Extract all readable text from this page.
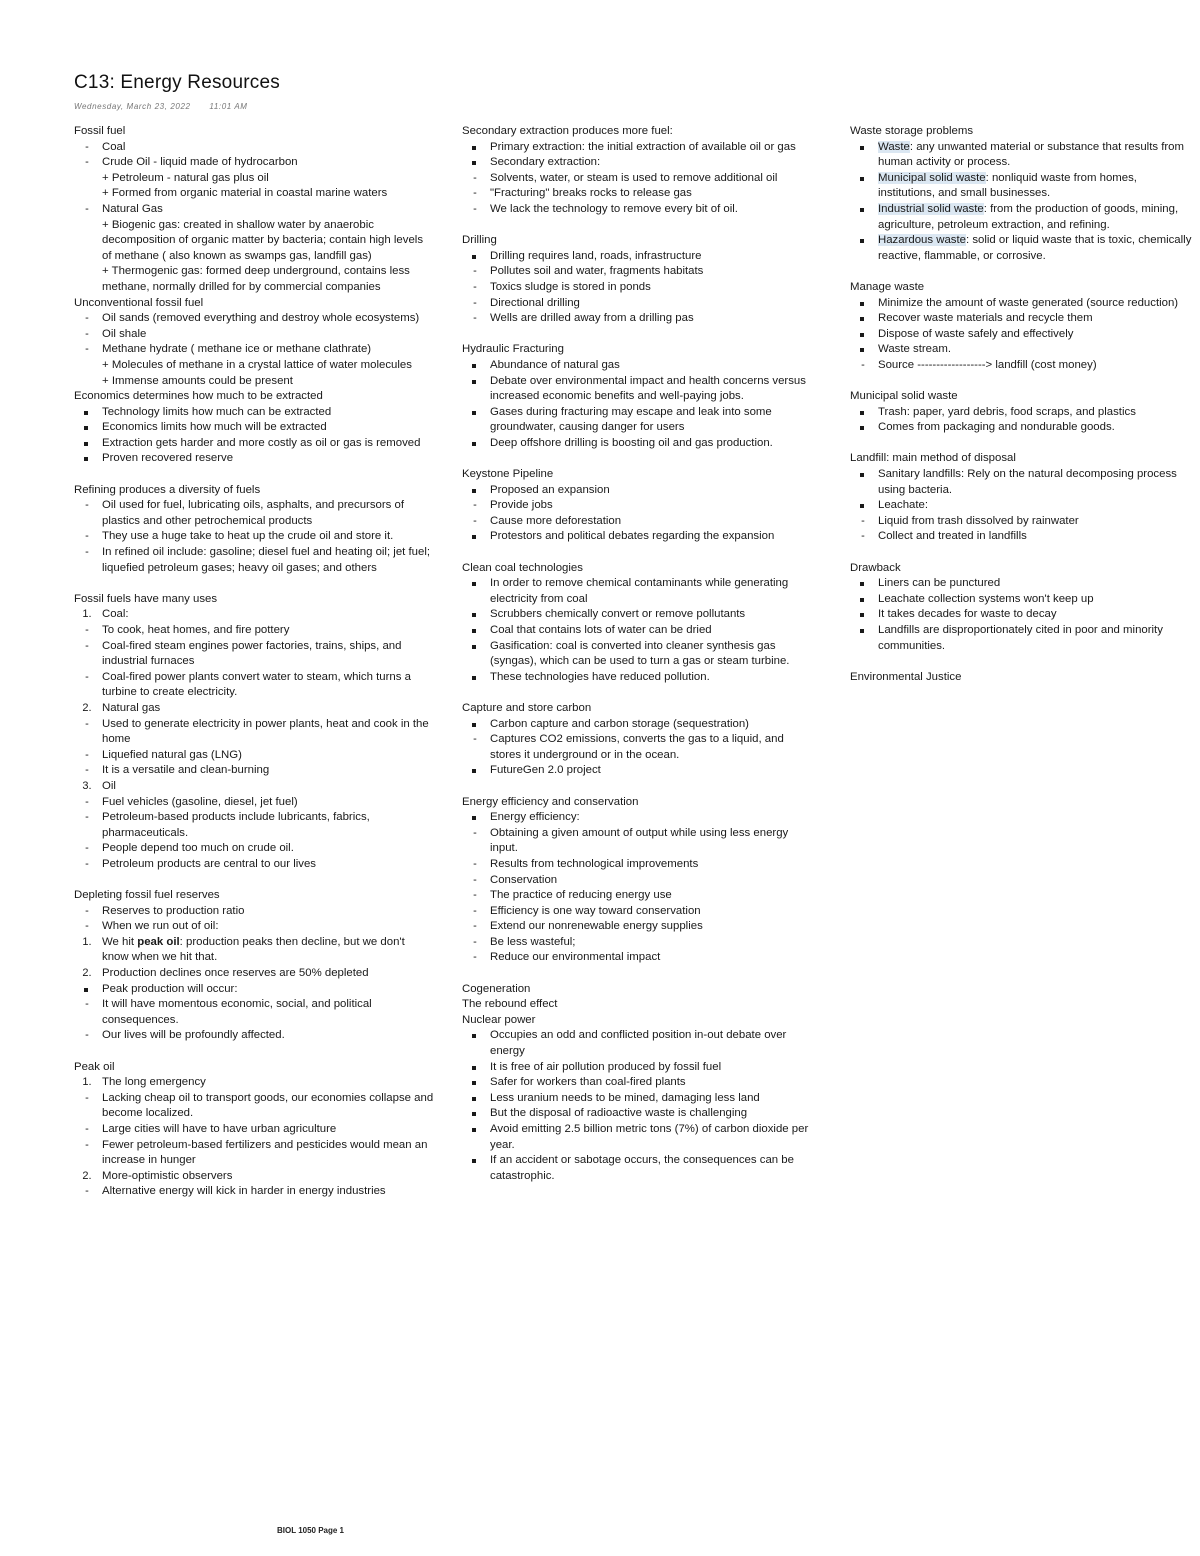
C13: Energy Resources
Wednesday, March 23, 2022 11:01 AM
Fossil fuel
-	Coal
-	Crude Oil - liquid made of hydrocarbon
+ Petroleum - natural gas plus oil
+ Formed from organic material in coastal marine waters
-	Natural Gas
+ Biogenic gas: created in shallow water by anaerobic decomposition of organic matter by bacteria; contain high levels of methane ( also known as swamps gas, landfill gas)
+ Thermogenic gas: formed deep underground, contains less methane, normally drilled for by commercial companies
Unconventional fossil fuel
-	Oil sands (removed everything and destroy whole ecosystems)
-	Oil shale
-	Methane hydrate ( methane ice or methane clathrate)
+ Molecules of methane in a crystal lattice of water molecules
+ Immense amounts could be present
Economics determines how much to be extracted
Technology limits how much can be extracted
Economics limits how much will be extracted
Extraction gets harder and more costly as oil or gas is removed
Proven recovered reserve
Refining produces a diversity of fuels
-	Oil used for fuel, lubricating oils, asphalts, and precursors of plastics and other petrochemical products
-	They use a huge take to heat up the crude oil and store it.
-	In refined oil include: gasoline; diesel fuel and heating oil; jet fuel; liquefied petroleum gases; heavy oil gases; and others
Fossil fuels have many uses
1. Coal:
-	To cook, heat homes, and fire pottery
-	Coal-fired steam engines power factories, trains, ships, and industrial furnaces
-	Coal-fired power plants convert water to steam, which turns a turbine to create electricity.
2. Natural gas
-	Used to generate electricity in power plants, heat and cook in the home
-	Liquefied natural gas (LNG)
-	It is a versatile and clean-burning
3. Oil
-	Fuel vehicles (gasoline, diesel, jet fuel)
-	Petroleum-based products include lubricants, fabrics, pharmaceuticals.
-	People depend too much on crude oil.
-	Petroleum products are central to our lives
Depleting fossil fuel reserves
-	Reserves to production ratio
-	When we run out of oil:
1. We hit peak oil: production peaks then decline, but we don't know when we hit that.
2. Production declines once reserves are 50% depleted
Peak production will occur:
-	It will have momentous economic, social, and political consequences.
-	Our lives will be profoundly affected.
Peak oil
1. The long emergency
-	Lacking cheap oil to transport goods, our economies collapse and become localized.
-	Large cities will have to have urban agriculture
-	Fewer petroleum-based fertilizers and pesticides would mean an increase in hunger
2. More-optimistic observers
-	Alternative energy will kick in harder in energy industries
Secondary extraction produces more fuel:
Primary extraction: the initial extraction of available oil or gas
Secondary extraction:
-	Solvents, water, or steam is used to remove additional oil
-	"Fracturing" breaks rocks to release gas
-	We lack the technology to remove every bit of oil.
Drilling
Drilling requires land, roads, infrastructure
-	Pollutes soil and water, fragments habitats
-	Toxics sludge is stored in ponds
-	Directional drilling
-	Wells are drilled away from a drilling pas
Hydraulic Fracturing
Abundance of natural gas
Debate over environmental impact and health concerns versus increased economic benefits and well-paying jobs.
Gases during fracturing may escape and leak into some groundwater, causing danger for users
Deep offshore drilling is boosting oil and gas production.
Keystone Pipeline
Proposed an expansion
-	Provide jobs
-	Cause more deforestation
Protestors and political debates regarding the expansion
Clean coal technologies
In order to remove chemical contaminants while generating electricity from coal
Scrubbers chemically convert or remove pollutants
Coal that contains lots of water can be dried
Gasification: coal is converted into cleaner synthesis gas (syngas), which can be used to turn a gas or steam turbine.
These technologies have reduced pollution.
Capture and store carbon
Carbon capture and carbon storage (sequestration)
-	Captures CO2 emissions, converts the gas to a liquid, and stores it underground or in the ocean.
FutureGen 2.0 project
Energy efficiency and conservation
Energy efficiency:
-	Obtaining a given amount of output while using less energy input.
-	Results from technological improvements
-	Conservation
-	The practice of reducing energy use
-	Efficiency is one way toward conservation
-	Extend our nonrenewable energy supplies
-	Be less wasteful;
-	Reduce our environmental impact
Cogeneration
The rebound effect
Nuclear power
Occupies an odd and conflicted position in-out debate over energy
It is free of air pollution produced by fossil fuel
Safer for workers than coal-fired plants
Less uranium needs to be mined, damaging less land
But the disposal of radioactive waste is challenging
Avoid emitting 2.5 billion metric tons (7%) of carbon dioxide per year.
If an accident or sabotage occurs, the consequences can be catastrophic.
Waste storage problems
Waste: any unwanted material or substance that results from human activity or process.
Municipal solid waste: nonliquid waste from homes, institutions, and small businesses.
Industrial solid waste: from the production of goods, mining, agriculture, petroleum extraction, and refining.
Hazardous waste: solid or liquid waste that is toxic, chemically reactive, flammable, or corrosive.
Manage waste
Minimize the amount of waste generated (source reduction)
Recover waste materials and recycle them
Dispose of waste safely and effectively
Waste stream.
-	Source ------------------> landfill (cost money)
Municipal solid waste
Trash: paper, yard debris, food scraps, and plastics
Comes from packaging and nondurable goods.
Landfill: main method of disposal
Sanitary landfills: Rely on the natural decomposing process using bacteria.
Leachate:
-	Liquid from trash dissolved by rainwater
-	Collect and treated in landfills
Drawback
Liners can be punctured
Leachate collection systems won't keep up
It takes decades for waste to decay
Landfills are disproportionately cited in poor and minority communities.
Environmental Justice
BIOL 1050 Page 1
